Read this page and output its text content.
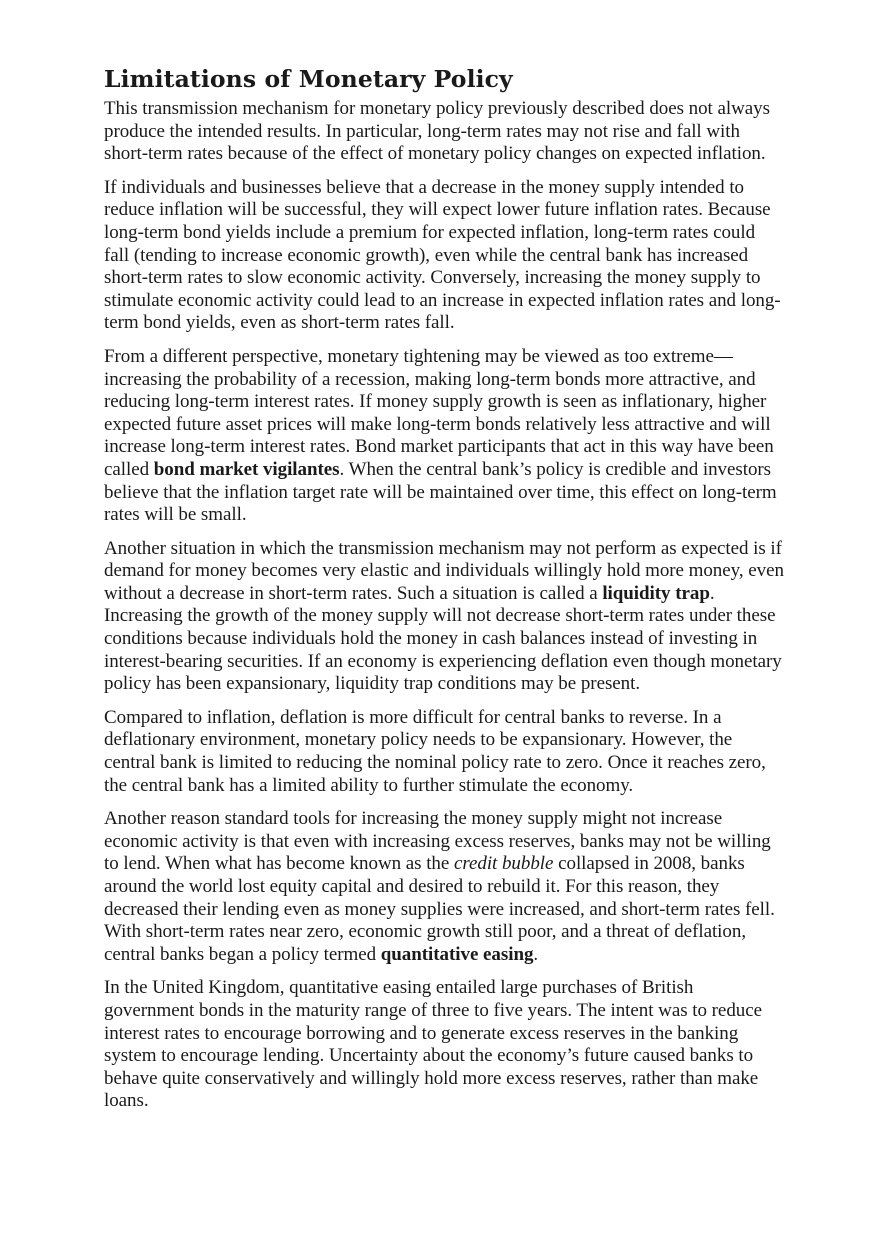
Limitations of Monetary Policy

This transmission mechanism for monetary policy previously described does not always produce the intended results. In particular, long-term rates may not rise and fall with short-term rates because of the effect of monetary policy changes on expected inflation.

If individuals and businesses believe that a decrease in the money supply intended to reduce inflation will be successful, they will expect lower future inflation rates. Because long-term bond yields include a premium for expected inflation, long-term rates could fall (tending to increase economic growth), even while the central bank has increased short-term rates to slow economic activity. Conversely, increasing the money supply to stimulate economic activity could lead to an increase in expected inflation rates and long-term bond yields, even as short-term rates fall.

From a different perspective, monetary tightening may be viewed as too extreme—increasing the probability of a recession, making long-term bonds more attractive, and reducing long-term interest rates. If money supply growth is seen as inflationary, higher expected future asset prices will make long-term bonds relatively less attractive and will increase long-term interest rates. Bond market participants that act in this way have been called bond market vigilantes. When the central bank’s policy is credible and investors believe that the inflation target rate will be maintained over time, this effect on long-term rates will be small.

Another situation in which the transmission mechanism may not perform as expected is if demand for money becomes very elastic and individuals willingly hold more money, even without a decrease in short-term rates. Such a situation is called a liquidity trap. Increasing the growth of the money supply will not decrease short-term rates under these conditions because individuals hold the money in cash balances instead of investing in interest-bearing securities. If an economy is experiencing deflation even though monetary policy has been expansionary, liquidity trap conditions may be present.

Compared to inflation, deflation is more difficult for central banks to reverse. In a deflationary environment, monetary policy needs to be expansionary. However, the central bank is limited to reducing the nominal policy rate to zero. Once it reaches zero, the central bank has a limited ability to further stimulate the economy.

Another reason standard tools for increasing the money supply might not increase economic activity is that even with increasing excess reserves, banks may not be willing to lend. When what has become known as the credit bubble collapsed in 2008, banks around the world lost equity capital and desired to rebuild it. For this reason, they decreased their lending even as money supplies were increased, and short-term rates fell. With short-term rates near zero, economic growth still poor, and a threat of deflation, central banks began a policy termed quantitative easing.

In the United Kingdom, quantitative easing entailed large purchases of British government bonds in the maturity range of three to five years. The intent was to reduce interest rates to encourage borrowing and to generate excess reserves in the banking system to encourage lending. Uncertainty about the economy’s future caused banks to behave quite conservatively and willingly hold more excess reserves, rather than make loans.
